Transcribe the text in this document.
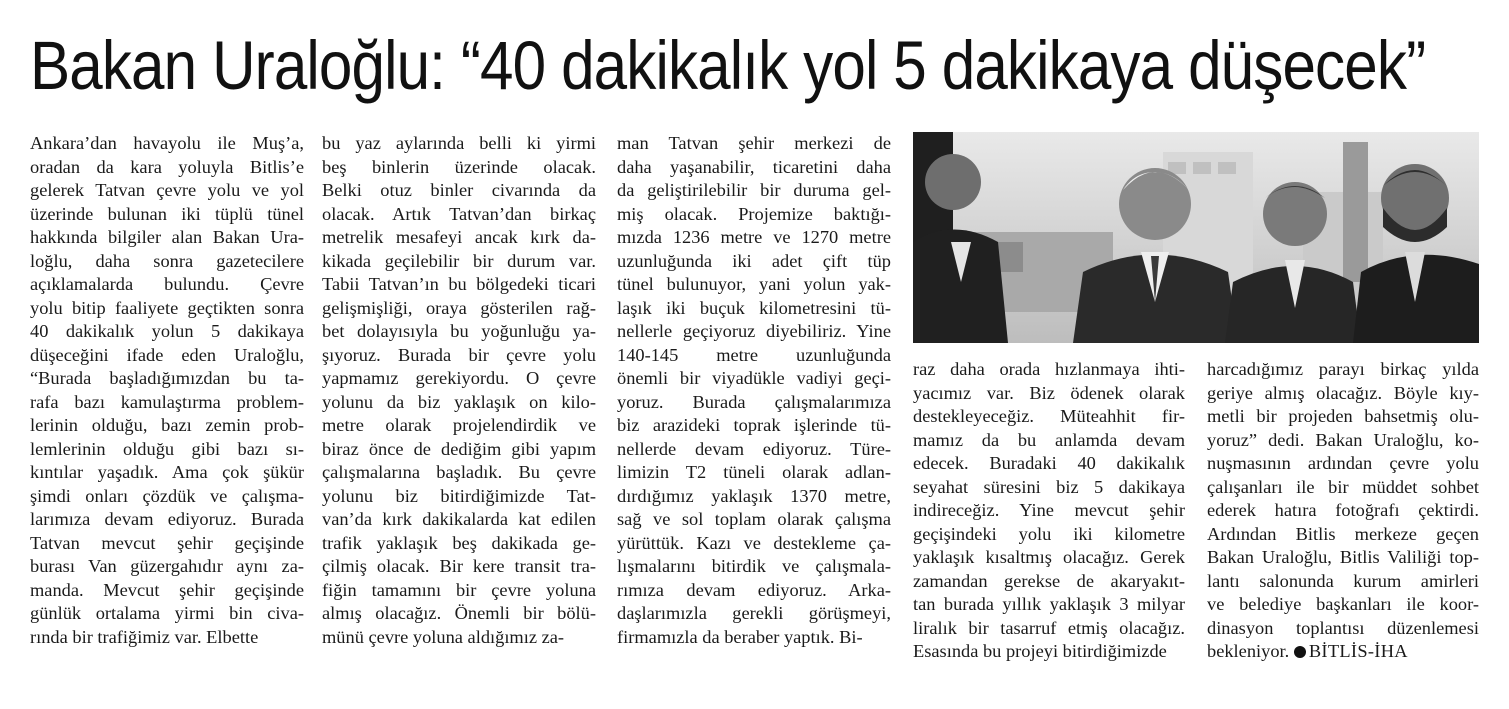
Bakan Uraloğlu: “40 dakikalık yol 5 dakikaya düşecek”

Ankara’dan havayolu ile Muş’a,

oradan da kara yoluyla Bitlis’e

gelerek Tatvan çevre yolu ve yol

üzerinde bulunan iki tüplü tünel

hakkında bilgiler alan Bakan Ura-

loğlu, daha sonra gazetecilere

açıklamalarda bulundu. Çevre

yolu bitip faaliyete geçtikten sonra

40 dakikalık yolun 5 dakikaya

düşeceğini ifade eden Uraloğlu,

“Burada başladığımızdan bu ta-

rafa bazı kamulaştırma problem-

lerinin olduğu, bazı zemin prob-

lemlerinin olduğu gibi bazı sı-

kıntılar yaşadık. Ama çok şükür

şimdi onları çözdük ve çalışma-

larımıza devam ediyoruz. Burada

Tatvan mevcut şehir geçişinde

burası Van güzergahıdır aynı za-

manda. Mevcut şehir geçişinde

günlük ortalama yirmi bin civa-

rında bir trafiğimiz var. Elbette

bu yaz aylarında belli ki yirmi

beş binlerin üzerinde olacak.

Belki otuz binler civarında da

olacak. Artık Tatvan’dan birkaç

metrelik mesafeyi ancak kırk da-

kikada geçilebilir bir durum var.

Tabii Tatvan’ın bu bölgedeki ticari

gelişmişliği, oraya gösterilen rağ-

bet dolayısıyla bu yoğunluğu ya-

şıyoruz. Burada bir çevre yolu

yapmamız gerekiyordu. O çevre

yolunu da biz yaklaşık on kilo-

metre olarak projelendirdik ve

biraz önce de dediğim gibi yapım

çalışmalarına başladık. Bu çevre

yolunu biz bitirdiğimizde Tat-

van’da kırk dakikalarda kat edilen

trafik yaklaşık beş dakikada ge-

çilmiş olacak. Bir kere transit tra-

fiğin tamamını bir çevre yoluna

almış olacağız. Önemli bir bölü-

münü çevre yoluna aldığımız za-

man Tatvan şehir merkezi de

daha yaşanabilir, ticaretini daha

da geliştirilebilir bir duruma gel-

miş olacak. Projemize baktığı-

mızda 1236 metre ve 1270 metre

uzunluğunda iki adet çift tüp

tünel bulunuyor, yani yolun yak-

laşık iki buçuk kilometresini tü-

nellerle geçiyoruz diyebiliriz. Yine

140-145 metre uzunluğunda

önemli bir viyadükle vadiyi geçi-

yoruz. Burada çalışmalarımıza

biz arazideki toprak işlerinde tü-

nellerde devam ediyoruz. Türe-

limizin T2 tüneli olarak adlan-

dırdığımız yaklaşık 1370 metre,

sağ ve sol toplam olarak çalışma

yürüttük. Kazı ve destekleme ça-

lışmalarını bitirdik ve çalışmala-

rımıza devam ediyoruz. Arka-

daşlarımızla gerekli görüşmeyi,

firmamızla da beraber yaptık. Bi-

raz daha orada hızlanmaya ihti-

yacımız var. Biz ödenek olarak

destekleyeceğiz. Müteahhit fir-

mamız da bu anlamda devam

edecek. Buradaki 40 dakikalık

seyahat süresini biz 5 dakikaya

indireceğiz. Yine mevcut şehir

geçişindeki yolu iki kilometre

yaklaşık kısaltmış olacağız. Gerek

zamandan gerekse de akaryakıt-

tan burada yıllık yaklaşık 3 milyar

liralık bir tasarruf etmiş olacağız.

Esasında bu projeyi bitirdiğimizde

harcadığımız parayı birkaç yılda

geriye almış olacağız. Böyle kıy-

metli bir projeden bahsetmiş olu-

yoruz” dedi. Bakan Uraloğlu, ko-

nuşmasının ardından çevre yolu

çalışanları ile bir müddet sohbet

ederek hatıra fotoğrafı çektirdi.

Ardından Bitlis merkeze geçen

Bakan Uraloğlu, Bitlis Valiliği top-

lantı salonunda kurum amirleri

ve belediye başkanları ile koor-

dinasyon toplantısı düzenlemesi

bekleniyor. BİTLİS-İHA
